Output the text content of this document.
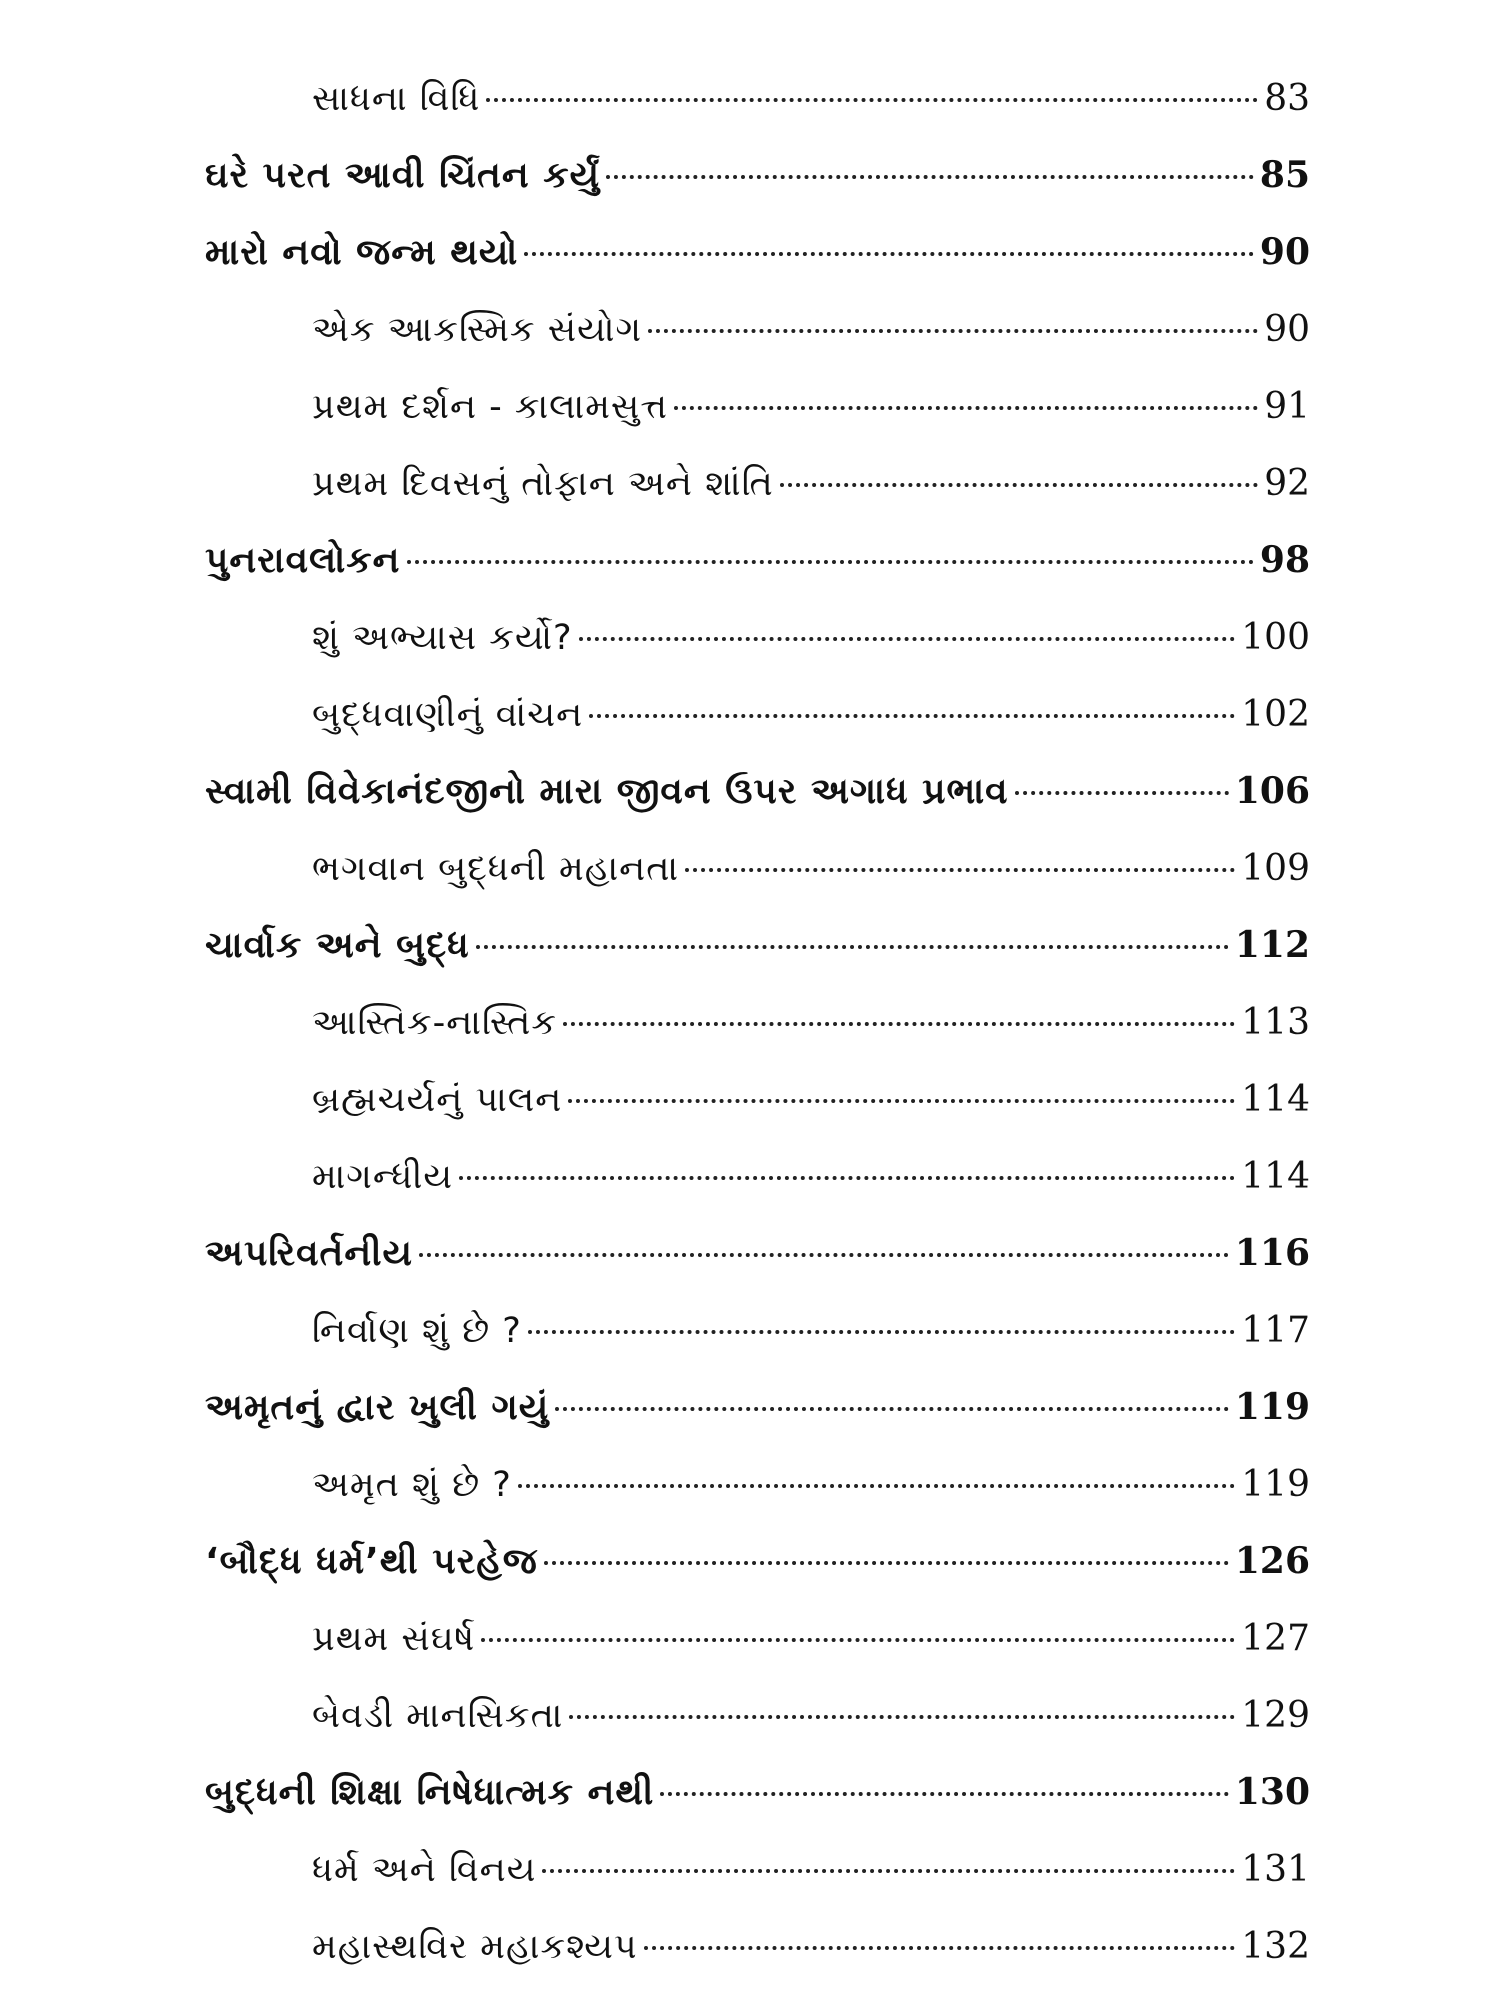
સાધના વિધિ	83
ઘરે પરત આવી ચિંતન કર્યું	85
મારો નવો જન્મ થયો	90
એક આકસ્મિક સંયોગ	90
પ્રથમ દર્શન - કાલામસુત્ત	91
પ્રથમ દિવસનું તોફાન અને શાંતિ	92
પુનરાવલોકન	98
શું અભ્યાસ કર્યો?	100
બુદ્ધવાણીનું વાંચન	102
સ્વામી વિવેકાનંદજીનો મારા જીવન ઉપર અગાધ પ્રભાવ	106
ભગવાન બુદ્ધની મહાનતા	109
ચાર્વાક અને બુદ્ધ	112
આસ્તિક-નાસ્તિક	113
બ્રહ્મચર્યનું પાલન	114
માગન્ધીય	114
અપરિવર્તનીય	116
નિર્વાણ શું છે ?	117
અમૃતનું દ્વાર ખુલી ગયું	119
અમૃત શું છે ?	119
‘બૌદ્ધ ધર્મ’થી પરહેજ	126
પ્રથમ સંઘર્ષ	127
બેવડી માનસિકતા	129
બુદ્ધની શિક્ષા નિષેધાત્મક નથી	130
ધર્મ અને વિનય	131
મહાસ્થવિર મહાકશ્યપ	132
